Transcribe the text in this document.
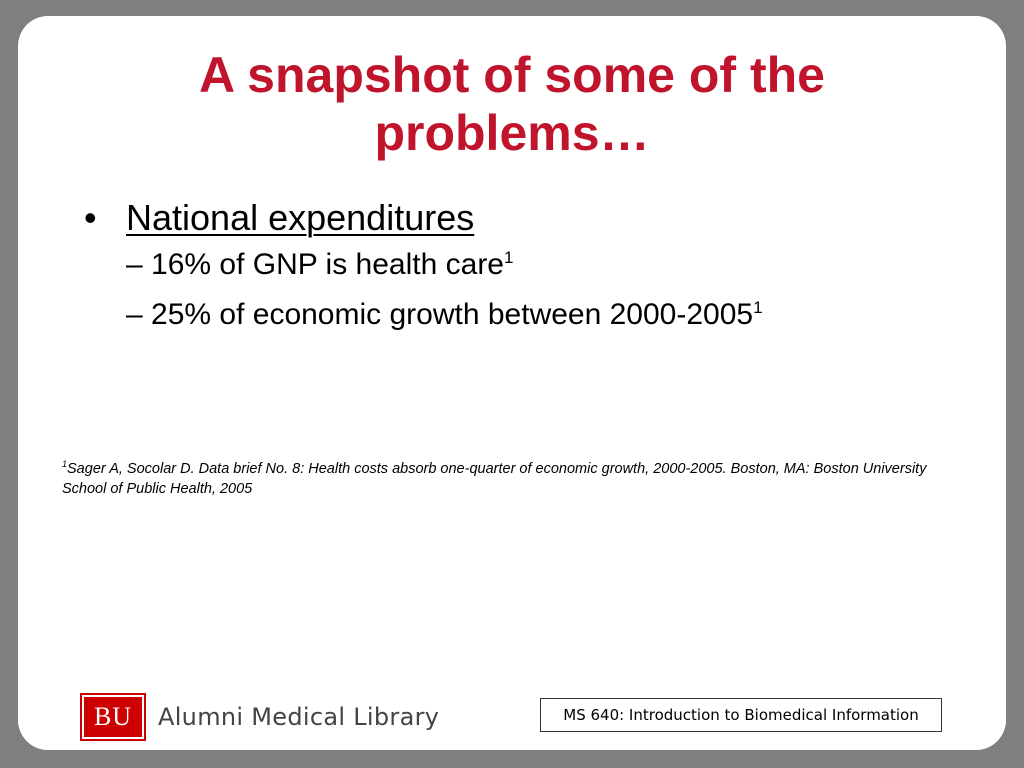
A snapshot of some of the problems…
• National expenditures
– 16% of GNP is health care$^1$
– 25% of economic growth between 2000-2005$^1$

$^1$Sager A, Socolar D. Data brief No. 8: Health costs absorb one-quarter of economic growth, 2000-2005. Boston, MA: Boston University School of Public Health, 2005

BU	Alumni Medical Library	MS 640: Introduction to Biomedical Information
